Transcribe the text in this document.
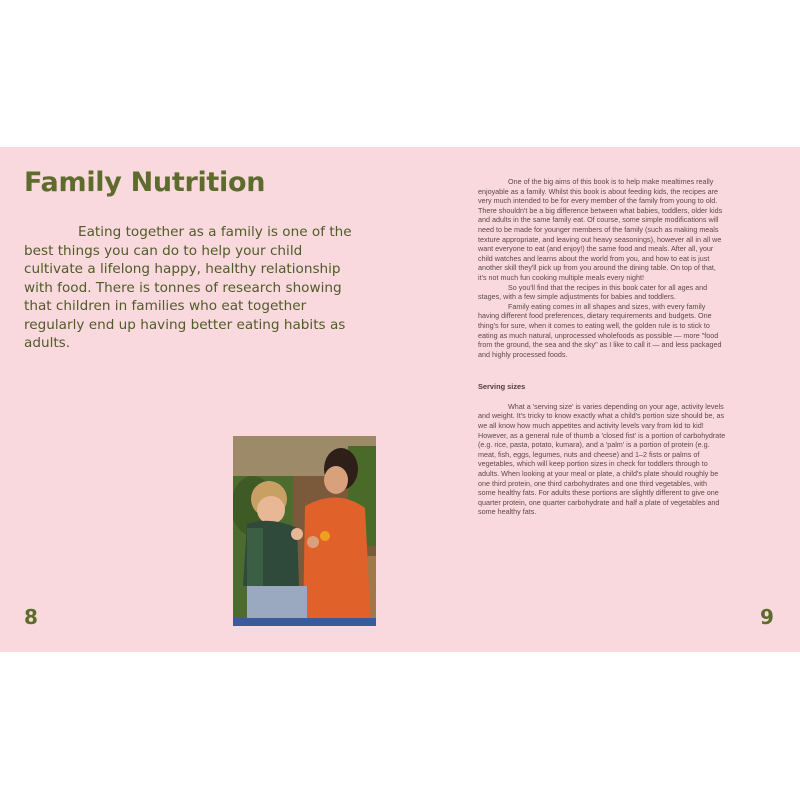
Family Nutrition

Eating together as a family is one of the best things you can do to help your child cultivate a lifelong happy, healthy relationship with food. There is tonnes of research showing that children in families who eat together regularly end up having better eating habits as adults.

8

One of the big aims of this book is to help make mealtimes really enjoyable as a family. Whilst this book is about feeding kids, the recipes are very much intended to be for every member of the family from young to old. There shouldn't be a big difference between what babies, toddlers, older kids and adults in the same family eat. Of course, some simple modifications will need to be made for younger members of the family (such as making meals texture appropriate, and leaving out heavy seasonings), however all in all we want everyone to eat (and enjoy!) the same food and meals. After all, your child watches and learns about the world from you, and how to eat is just another skill they'll pick up from you around the dining table. On top of that, it's not much fun cooking multiple meals every night!

So you'll find that the recipes in this book cater for all ages and stages, with a few simple adjustments for babies and toddlers.

Family eating comes in all shapes and sizes, with every family having different food preferences, dietary requirements and budgets. One thing's for sure, when it comes to eating well, the golden rule is to stick to eating as much natural, unprocessed wholefoods as possible — more "food from the ground, the sea and the sky" as I like to call it — and less packaged and highly processed foods.

Serving sizes

What a 'serving size' is varies depending on your age, activity levels and weight. It's tricky to know exactly what a child's portion size should be, as we all know how much appetites and activity levels vary from kid to kid! However, as a general rule of thumb a 'closed fist' is a portion of carbohydrate (e.g. rice, pasta, potato, kumara), and a 'palm' is a portion of protein (e.g. meat, fish, eggs, legumes, nuts and cheese) and 1–2 fists or palms of vegetables, which will keep portion sizes in check for toddlers through to adults. When looking at your meal or plate, a child's plate should roughly be one third protein, one third carbohydrates and one third vegetables, with some healthy fats. For adults these portions are slightly different to give one quarter protein, one quarter carbohydrate and half a plate of vegetables and some healthy fats.

9
